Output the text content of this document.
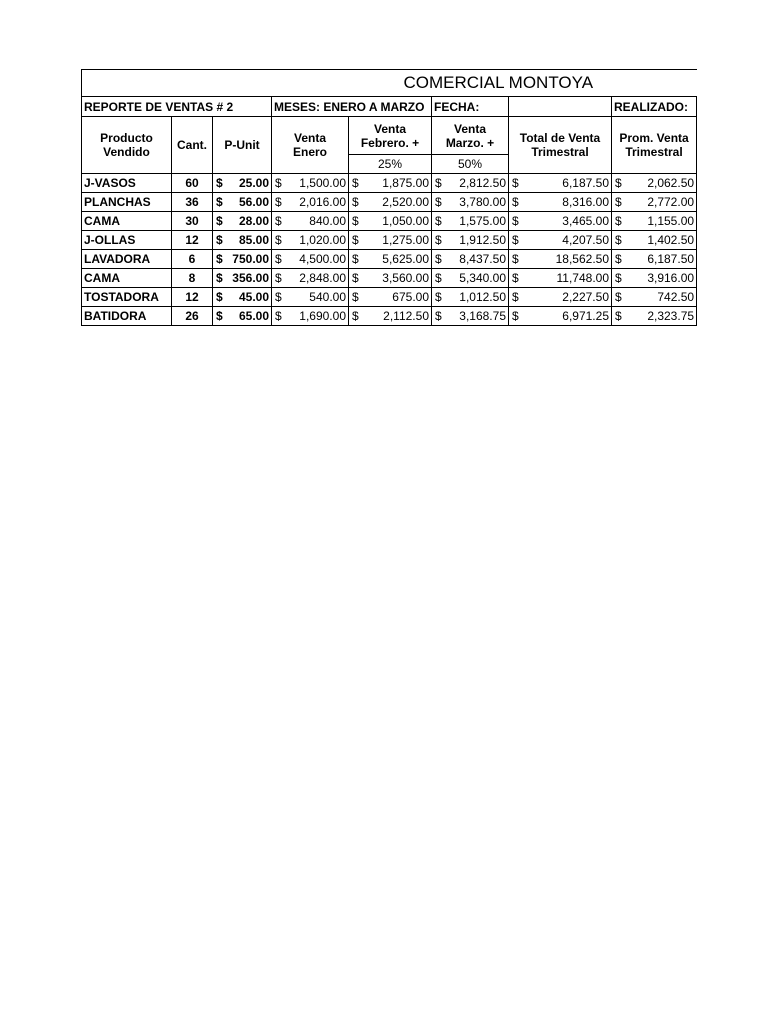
COMERCIAL MONTOYA							
REPORTE DE VENTAS # 2			MESES: ENERO A MARZO		FECHA:		REALIZADO:
Producto Vendido	Cant.	P-Unit	Venta Enero	Venta Febrero. +	Venta Marzo. +	Total de Venta Trimestral	Prom. Venta Trimestral
				25%	50%		
J-VASOS	60	$ 25.00	$ 1,500.00	$ 1,875.00	$ 2,812.50	$ 6,187.50	$ 2,062.50

PLANCHAS	36	$ 56.00	$ 2,016.00	$ 2,520.00	$ 3,780.00	$ 8,316.00	$ 2,772.00

CAMA	30	$ 28.00	$ 840.00	$ 1,050.00	$ 1,575.00	$ 3,465.00	$ 1,155.00

J-OLLAS	12	$ 85.00	$ 1,020.00	$ 1,275.00	$ 1,912.50	$ 4,207.50	$ 1,402.50

LAVADORA	6	$ 750.00	$ 4,500.00	$ 5,625.00	$ 8,437.50	$ 18,562.50	$ 6,187.50

CAMA	8	$ 356.00	$ 2,848.00	$ 3,560.00	$ 5,340.00	$ 11,748.00	$ 3,916.00

TOSTADORA	12	$ 45.00	$ 540.00	$ 675.00	$ 1,012.50	$ 2,227.50	$ 742.50

BATIDORA	26	$ 65.00	$ 1,690.00	$ 2,112.50	$ 3,168.75	$ 6,971.25	$ 2,323.75
